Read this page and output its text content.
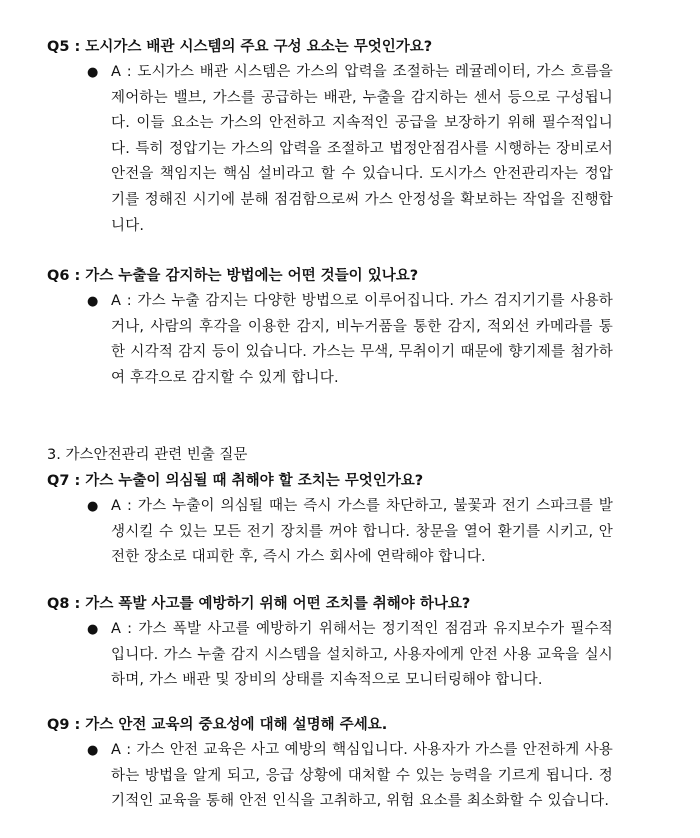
Q5 : 도시가스 배관 시스템의 주요 구성 요소는 무엇인가요?
● A : 도시가스 배관 시스템은 가스의 압력을 조절하는 레귤레이터, 가스 흐름을 제어하는 밸브, 가스를 공급하는 배관, 누출을 감지하는 센서 등으로 구성됩니다. 이들 요소는 가스의 안전하고 지속적인 공급을 보장하기 위해 필수적입니다. 특히 정압기는 가스의 압력을 조절하고 법정안점검사를 시행하는 장비로서 안전을 책임지는 핵심 설비라고 할 수 있습니다. 도시가스 안전관리자는 정압기를 정해진 시기에 분해 점검함으로써 가스 안정성을 확보하는 작업을 진행합니다.
Q6 : 가스 누출을 감지하는 방법에는 어떤 것들이 있나요?
● A : 가스 누출 감지는 다양한 방법으로 이루어집니다. 가스 검지기기를 사용하거나, 사람의 후각을 이용한 감지, 비누거품을 통한 감지, 적외선 카메라를 통한 시각적 감지 등이 있습니다. 가스는 무색, 무취이기 때문에 향기제를 첨가하여 후각으로 감지할 수 있게 합니다.
3. 가스안전관리 관련 빈출 질문
Q7 : 가스 누출이 의심될 때 취해야 할 조치는 무엇인가요?
● A : 가스 누출이 의심될 때는 즉시 가스를 차단하고, 불꽃과 전기 스파크를 발생시킬 수 있는 모든 전기 장치를 꺼야 합니다. 창문을 열어 환기를 시키고, 안전한 장소로 대피한 후, 즉시 가스 회사에 연락해야 합니다.
Q8 : 가스 폭발 사고를 예방하기 위해 어떤 조치를 취해야 하나요?
● A : 가스 폭발 사고를 예방하기 위해서는 정기적인 점검과 유지보수가 필수적입니다. 가스 누출 감지 시스템을 설치하고, 사용자에게 안전 사용 교육을 실시하며, 가스 배관 및 장비의 상태를 지속적으로 모니터링해야 합니다.
Q9 : 가스 안전 교육의 중요성에 대해 설명해 주세요.
● A : 가스 안전 교육은 사고 예방의 핵심입니다. 사용자가 가스를 안전하게 사용하는 방법을 알게 되고, 응급 상황에 대처할 수 있는 능력을 기르게 됩니다. 정기적인 교육을 통해 안전 인식을 고취하고, 위험 요소를 최소화할 수 있습니다.
